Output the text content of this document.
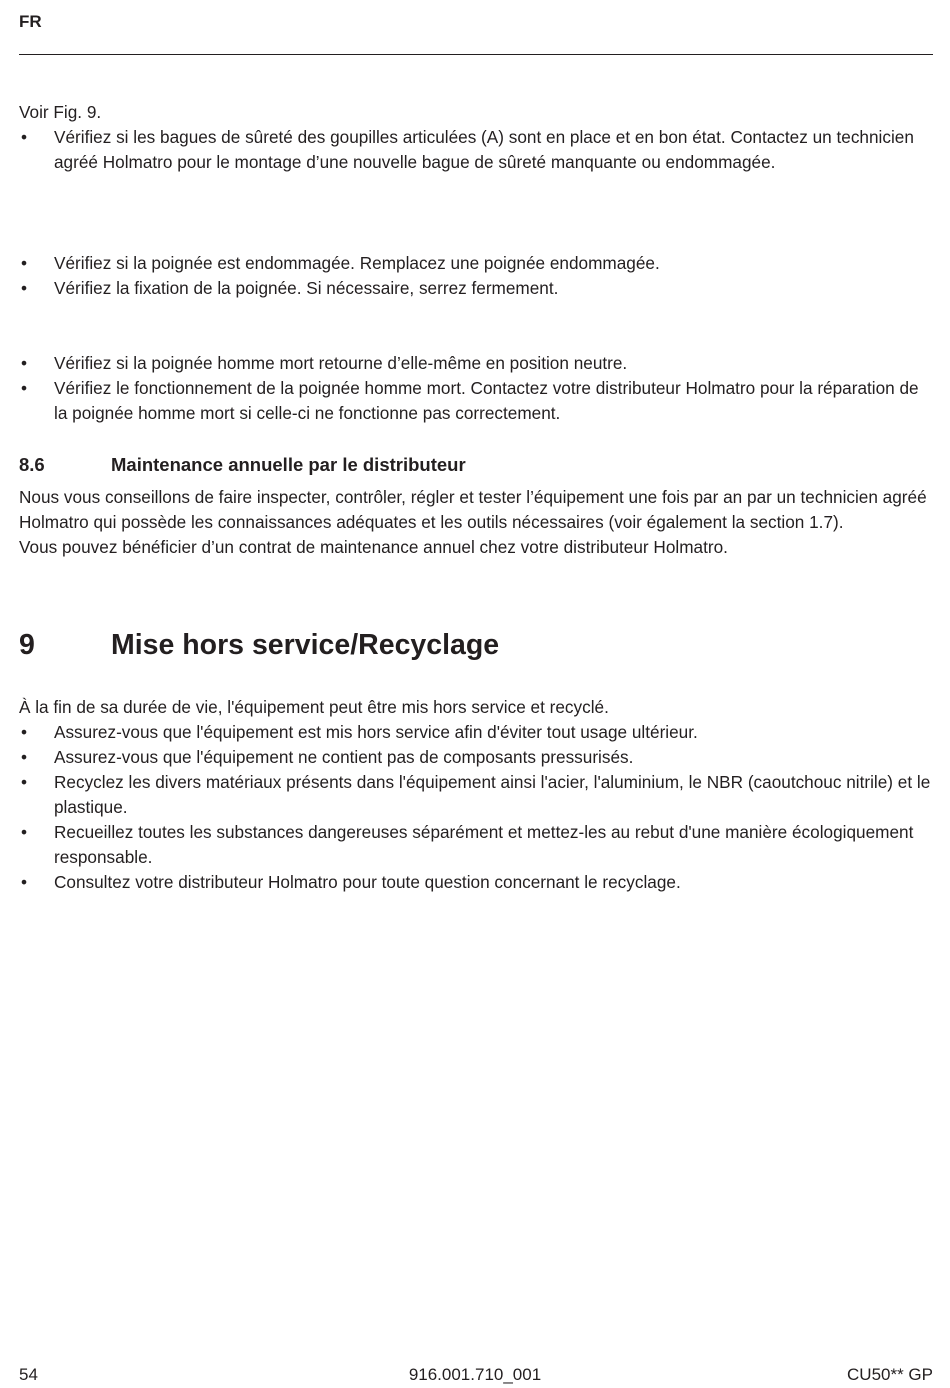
FR

Voir Fig. 9.

• Vérifiez si les bagues de sûreté des goupilles articulées (A) sont en place et en bon état. Contactez un technicien agréé Holmatro pour le montage d’une nouvelle bague de sûreté manquante ou endommagée.
• Vérifiez si la poignée est endommagée. Remplacez une poignée endommagée.
• Vérifiez la fixation de la poignée. Si nécessaire, serrez fermement.
• Vérifiez si la poignée homme mort retourne d’elle-même en position neutre.
• Vérifiez le fonctionnement de la poignée homme mort. Contactez votre distributeur Holmatro pour la réparation de la poignée homme mort si celle-ci ne fonctionne pas correctement.
8.6	Maintenance annuelle par le distributeur

Nous vous conseillons de faire inspecter, contrôler, régler et tester l’équipement une fois par an par un technicien agréé Holmatro qui possède les connaissances adéquates et les outils nécessaires (voir également la section 1.7).

Vous pouvez bénéficier d’un contrat de maintenance annuel chez votre distributeur Holmatro.

9	Mise hors service/Recyclage

À la fin de sa durée de vie, l'équipement peut être mis hors service et recyclé.

• Assurez-vous que l'équipement est mis hors service afin d'éviter tout usage ultérieur.
• Assurez-vous que l'équipement ne contient pas de composants pressurisés.
• Recyclez les divers matériaux présents dans l'équipement ainsi l'acier, l'aluminium, le NBR (caoutchouc nitrile) et le plastique.
• Recueillez toutes les substances dangereuses séparément et mettez-les au rebut d'une manière écologiquement responsable.
• Consultez votre distributeur Holmatro pour toute question concernant le recyclage.
54	916.001.710_001	CU50** GP
